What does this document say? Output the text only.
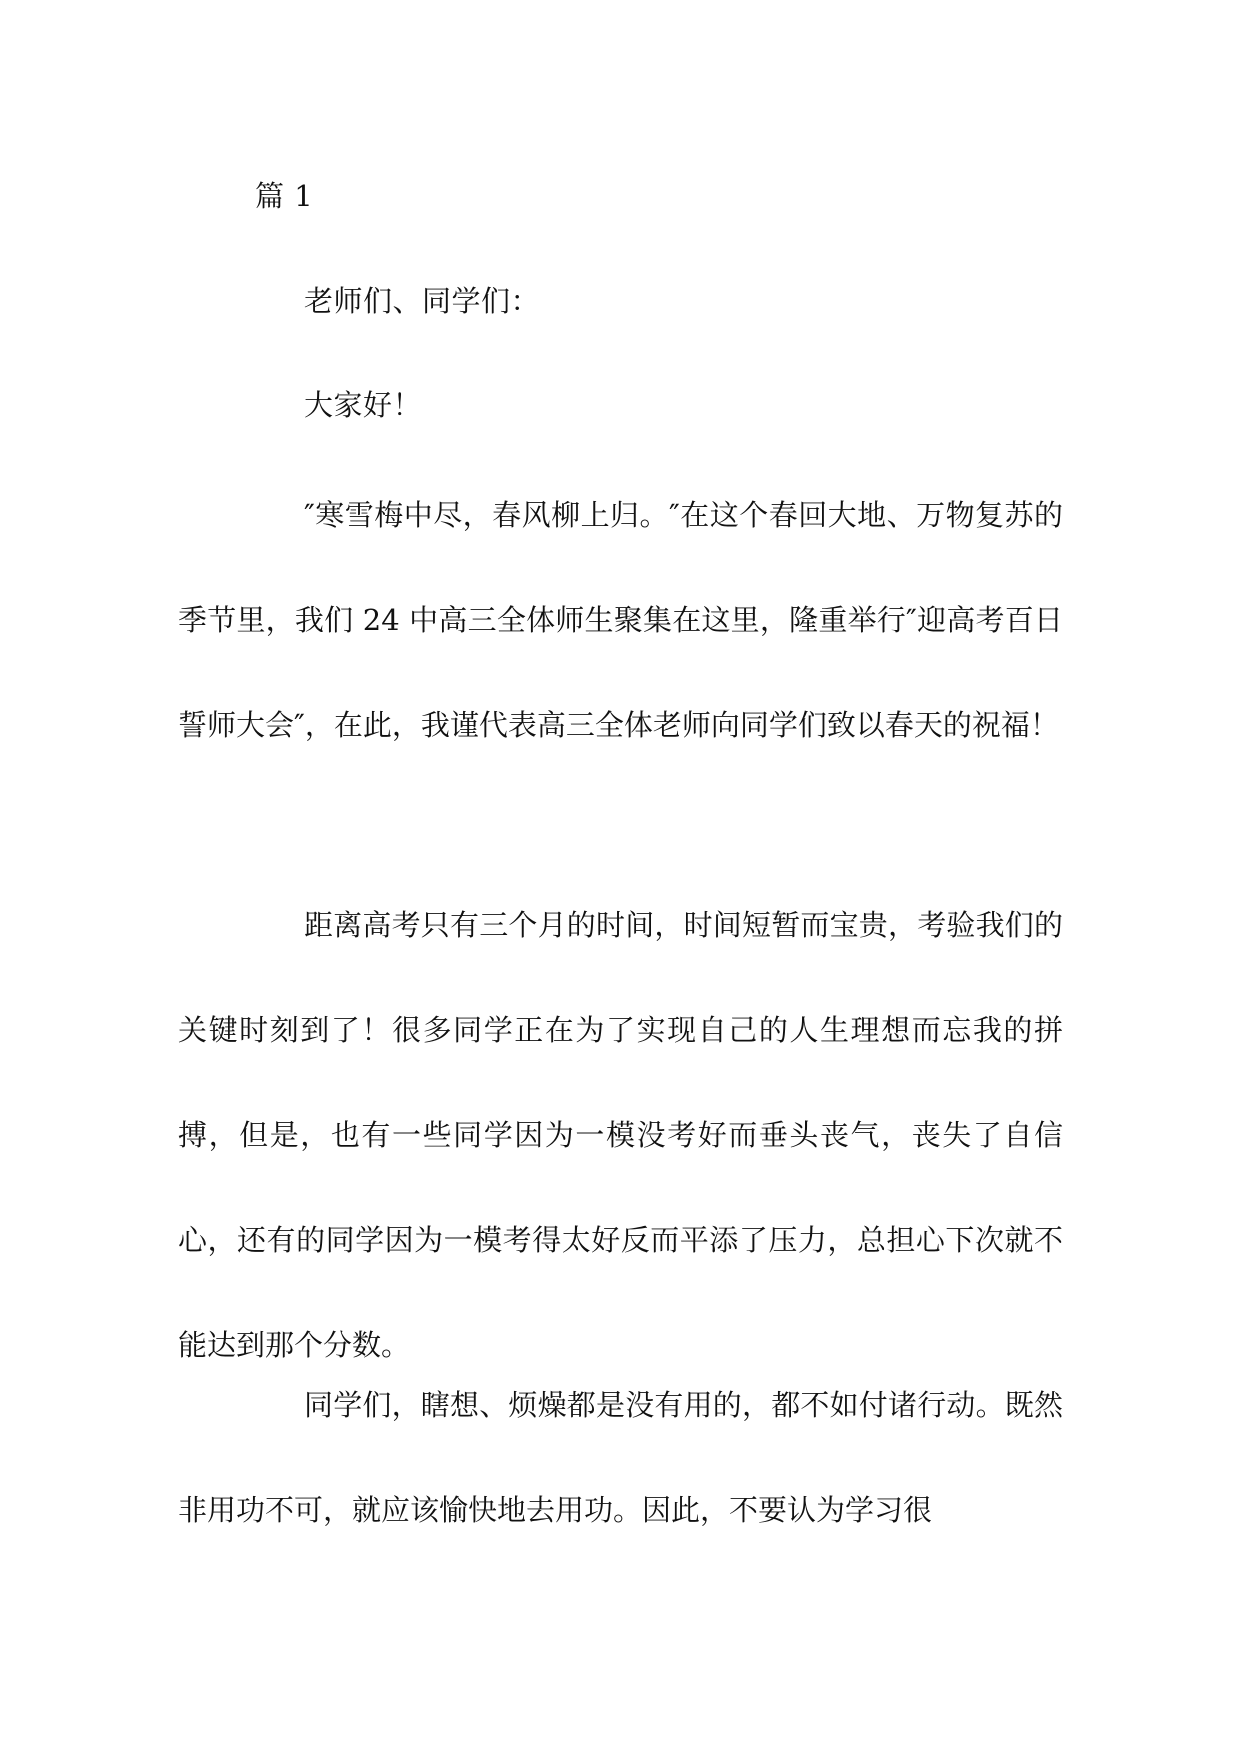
篇 1
老师们、同学们：
大家好！

″寒雪梅中尽，春风柳上归。″在这个春回大地、万物复苏的季节里，我们 24 中高三全体师生聚集在这里，隆重举行″迎高考百日誓师大会″，在此，我谨代表高三全体老师向同学们致以春天的祝福！

距离高考只有三个月的时间，时间短暂而宝贵，考验我们的关键时刻到了！很多同学正在为了实现自己的人生理想而忘我的拼搏，但是，也有一些同学因为一模没考好而垂头丧气，丧失了自信心，还有的同学因为一模考得太好反而平添了压力，总担心下次就不能达到那个分数。

同学们，瞎想、烦燥都是没有用的，都不如付诸行动。既然非用功不可，就应该愉快地去用功。因此，不要认为学习很
